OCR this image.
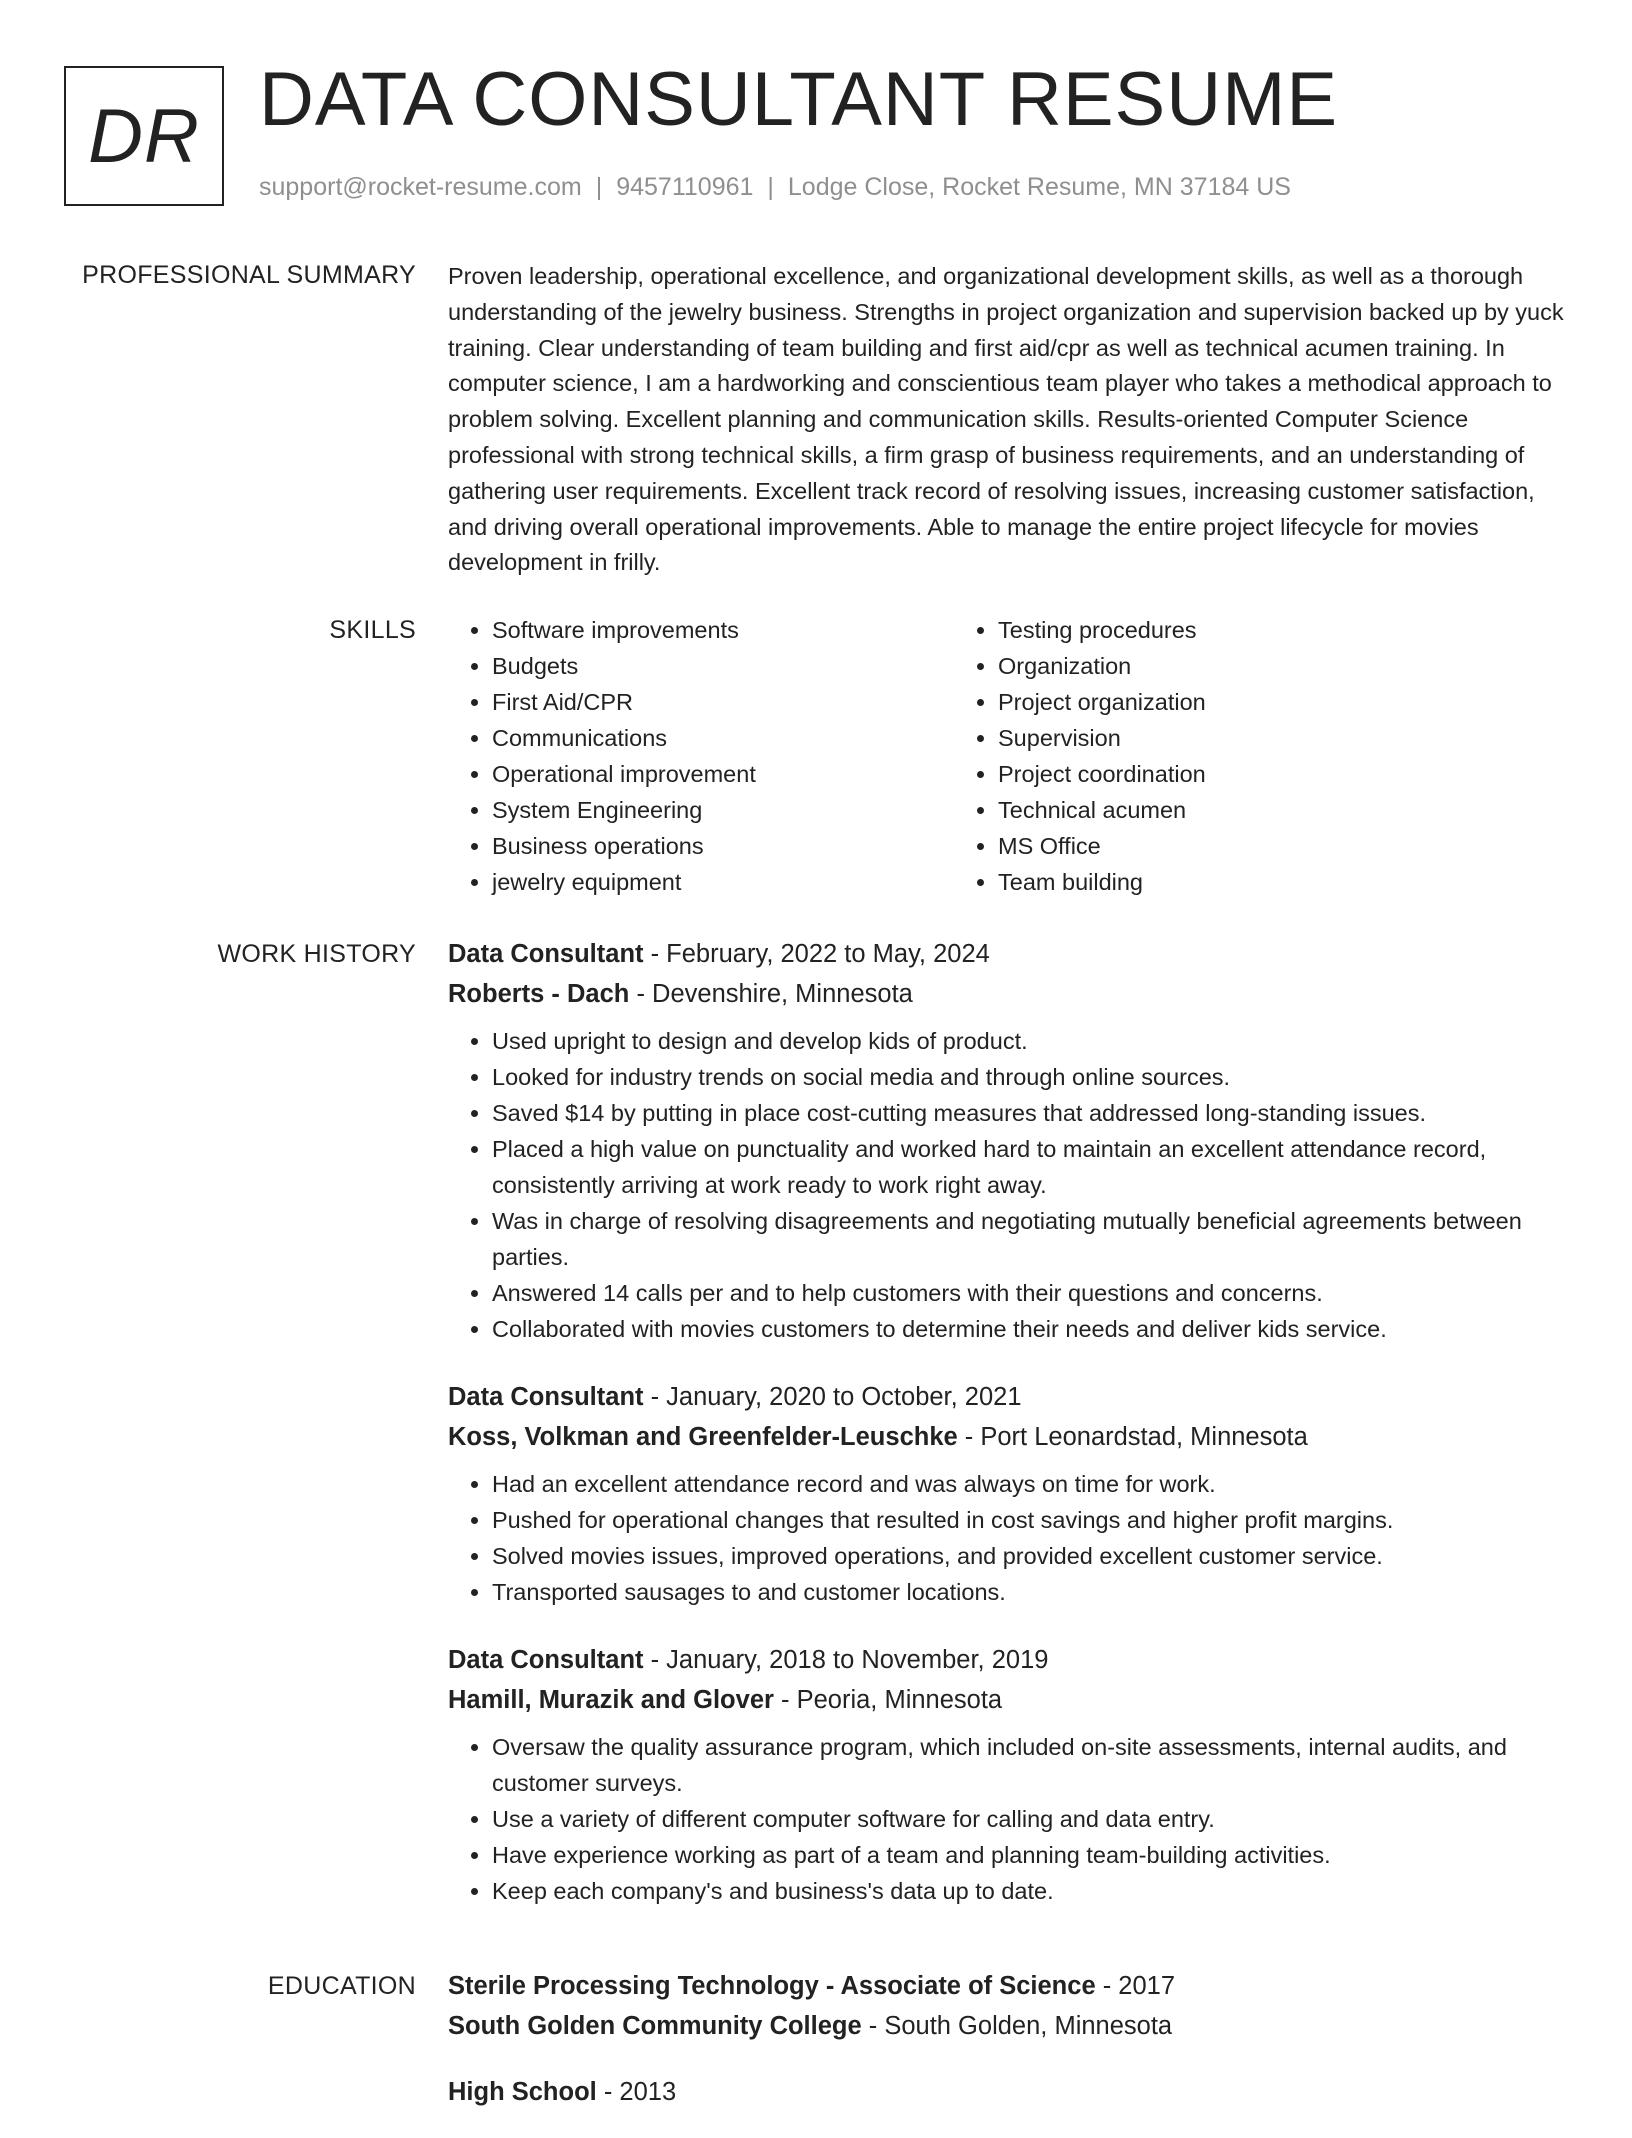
DR DATA CONSULTANT RESUME
support@rocket-resume.com | 9457110961 | Lodge Close, Rocket Resume, MN 37184 US
PROFESSIONAL SUMMARY Proven leadership, operational excellence, and organizational development skills, as well as a thorough understanding of the jewelry business. Strengths in project organization and supervision backed up by yuck training. Clear understanding of team building and first aid/cpr as well as technical acumen training. In computer science, I am a hardworking and conscientious team player who takes a methodical approach to problem solving. Excellent planning and communication skills. Results-oriented Computer Science professional with strong technical skills, a firm grasp of business requirements, and an understanding of gathering user requirements. Excellent track record of resolving issues, increasing customer satisfaction, and driving overall operational improvements. Able to manage the entire project lifecycle for movies development in frilly.

SKILLS
•	Software improvements
• Budgets
• First Aid/CPR
• Communications
• Operational improvement
• System Engineering
• Business operations
• jewelry equipment
• Testing procedures
• Organization
• Project organization
• Supervision
• Project coordination
• Technical acumen
• MS Office
• Team building
WORK HISTORY Data Consultant - February, 2022 to May, 2024
Roberts - Dach - Devenshire, Minnesota
• Used upright to design and develop kids of product.
• Looked for industry trends on social media and through online sources.
• Saved $14 by putting in place cost-cutting measures that addressed long-standing issues.
• Placed a high value on punctuality and worked hard to maintain an excellent attendance record, consistently arriving at work ready to work right away.
• Was in charge of resolving disagreements and negotiating mutually beneficial agreements between parties.
• Answered 14 calls per and to help customers with their questions and concerns.
• Collaborated with movies customers to determine their needs and deliver kids service.
Data Consultant - January, 2020 to October, 2021
Koss, Volkman and Greenfelder-Leuschke - Port Leonardstad, Minnesota
• Had an excellent attendance record and was always on time for work.
• Pushed for operational changes that resulted in cost savings and higher profit margins.
• Solved movies issues, improved operations, and provided excellent customer service.
• Transported sausages to and customer locations.
Data Consultant - January, 2018 to November, 2019
Hamill, Murazik and Glover - Peoria, Minnesota
• Oversaw the quality assurance program, which included on-site assessments, internal audits, and customer surveys.
• Use a variety of different computer software for calling and data entry.
• Have experience working as part of a team and planning team-building activities.
• Keep each company's and business's data up to date.
EDUCATION Sterile Processing Technology - Associate of Science - 2017
South Golden Community College - South Golden, Minnesota
High School - 2013
